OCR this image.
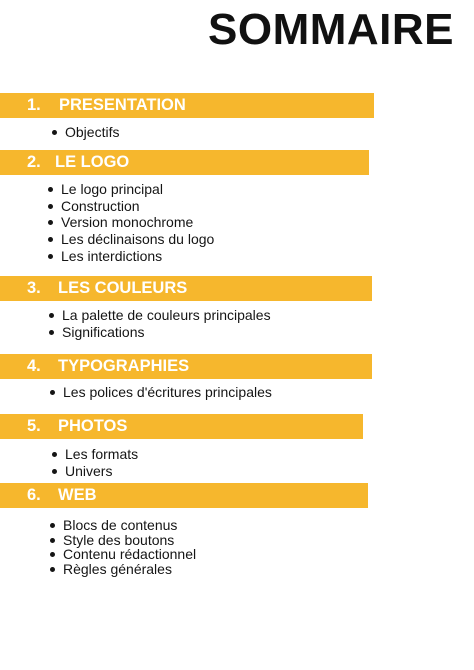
SOMMAIRE
1. PRESENTATION
Objectifs
2. LE LOGO
Le logo principal
Construction
Version monochrome
Les déclinaisons du logo
Les interdictions
3. LES COULEURS
La palette de couleurs principales
Significations
4. TYPOGRAPHIES
Les polices d'écritures principales
5. PHOTOS
Les formats
Univers
6. WEB
Blocs de contenus
Style des boutons
Contenu rédactionnel
Règles générales
